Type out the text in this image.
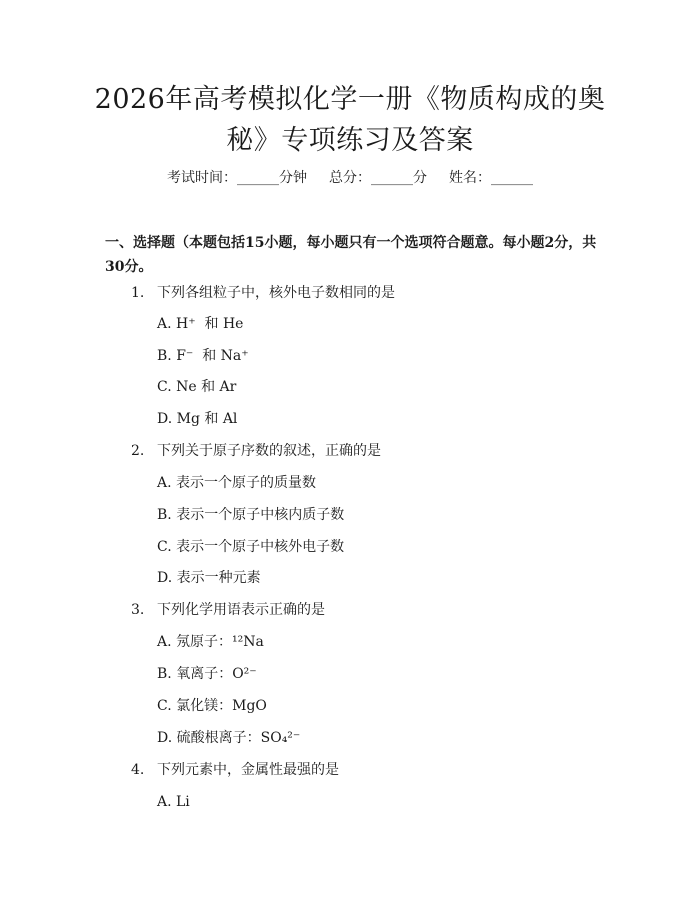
2026年高考模拟化学一册《物质构成的奥
秘》专项练习及答案
考试时间：______分钟 总分：______分 姓名：______

一、选择题（本题包括15小题，每小题只有一个选项符合题意。每小题2分，共30分。

1. 下列各组粒子中，核外电子数相同的是
A. H⁺  和 He
B. F⁻  和 Na⁺
C. Ne 和 Ar
D. Mg 和 Al
2. 下列关于原子序数的叙述，正确的是
A. 表示一个原子的质量数
B. 表示一个原子中核内质子数
C. 表示一个原子中核外电子数
D. 表示一种元素
3. 下列化学用语表示正确的是
A. 氖原子：¹²Na
B. 氧离子：O²⁻
C. 氯化镁：MgO
D. 硫酸根离子：SO₄²⁻
4. 下列元素中，金属性最强的是
A. Li
